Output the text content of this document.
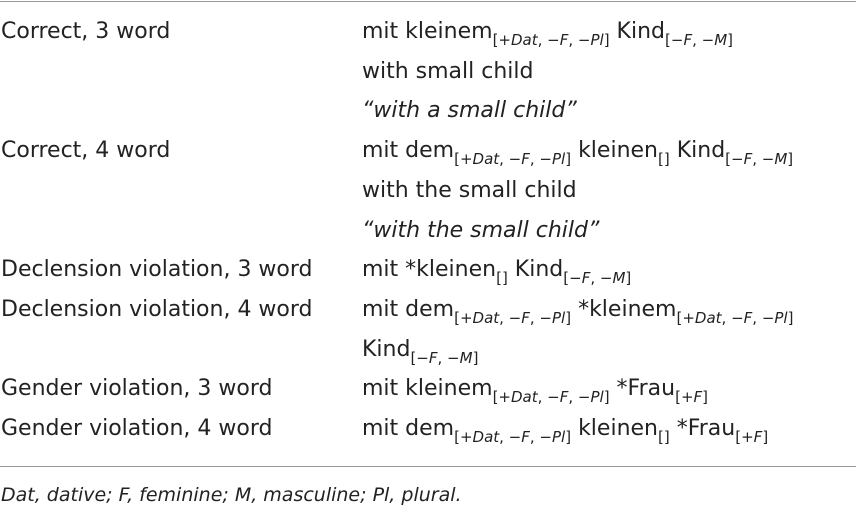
Correct, 3 word	mit kleinem$_{[+Dat, -F, -Pl]}$ Kind$_{[-F, -M]}$
with small child
“with a small child”
Correct, 4 word	mit dem$_{[+Dat, -F, -Pl]}$ kleinen$_{[]}$ Kind$_{[-F, -M]}$
with the small child
“with the small child”
Declension violation, 3 word mit *kleinen$_{[]}$ Kind$_{[-F, -M]}$
Declension violation, 4 word mit dem$_{[+Dat, -F, -Pl]}$ *kleinem$_{[+Dat, -F, -Pl]}$
Kind$_{[-F, -M]}$
Gender violation, 3 word	mit kleinem$_{[+Dat, -F, -Pl]}$ *Frau$_{[+F]}$
Gender violation, 4 word	mit dem$_{[+Dat, -F, -Pl]}$ kleinen$_{[]}$ *Frau$_{[+F]}$
Dat, dative; F, feminine; M, masculine; Pl, plural.
